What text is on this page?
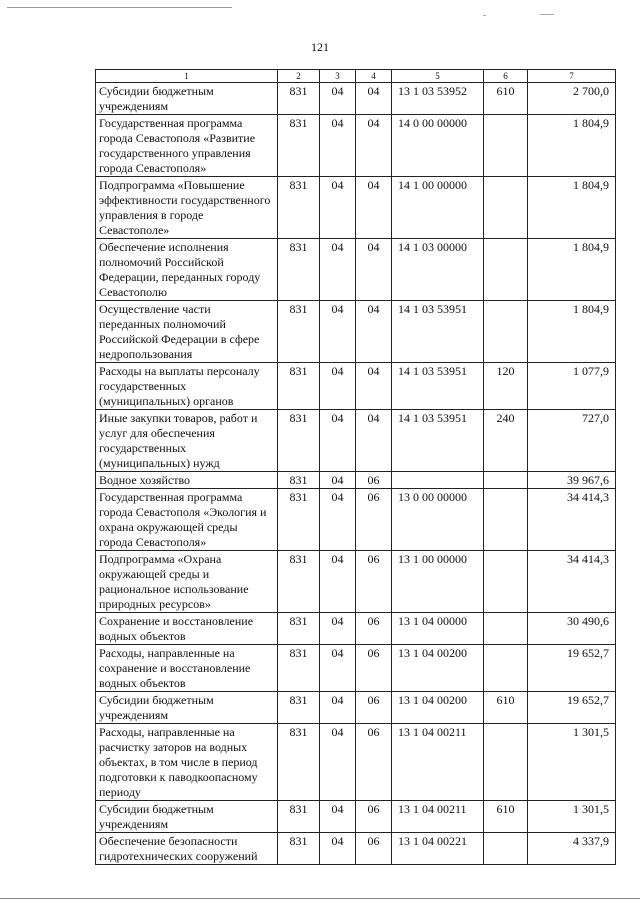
121
1	2	3	4	5	6	7
Субсидии бюджетным учреждениям	831	04	04	13 1 03 53952	610	2 700,0
Государственная программа города Севастополя «Развитие государственного управления города Севастополя»	831	04	04	14 0 00 00000		1 804,9
Подпрограмма «Повышение эффективности государственного управления в городе Севастополе»	831	04	04	14 1 00 00000		1 804,9
Обеспечение исполнения полномочий Российской Федерации, переданных городу Севастополю	831	04	04	14 1 03 00000		1 804,9
Осуществление части переданных полномочий Российской Федерации в сфере недропользования	831	04	04	14 1 03 53951		1 804,9
Расходы на выплаты персоналу государственных (муниципальных) органов	831	04	04	14 1 03 53951	120	1 077,9
Иные закупки товаров, работ и услуг для обеспечения государственных (муниципальных) нужд	831	04	04	14 1 03 53951	240	727,0
Водное хозяйство	831	04	06			39 967,6
Государственная программа города Севастополя «Экология и охрана окружающей среды города Севастополя»	831	04	06	13 0 00 00000		34 414,3
Подпрограмма «Охрана окружающей среды и рациональное использование природных ресурсов»	831	04	06	13 1 00 00000		34 414,3
Сохранение и восстановление водных объектов	831	04	06	13 1 04 00000		30 490,6
Расходы, направленные на сохранение и восстановление водных объектов	831	04	06	13 1 04 00200		19 652,7
Субсидии бюджетным учреждениям	831	04	06	13 1 04 00200	610	19 652,7
Расходы, направленные на расчистку заторов на водных объектах, в том числе в период подготовки к паводкоопасному периоду	831	04	06	13 1 04 00211		1 301,5
Субсидии бюджетным учреждениям	831	04	06	13 1 04 00211	610	1 301,5
Обеспечение безопасности гидротехнических сооружений	831	04	06	13 1 04 00221		4 337,9
